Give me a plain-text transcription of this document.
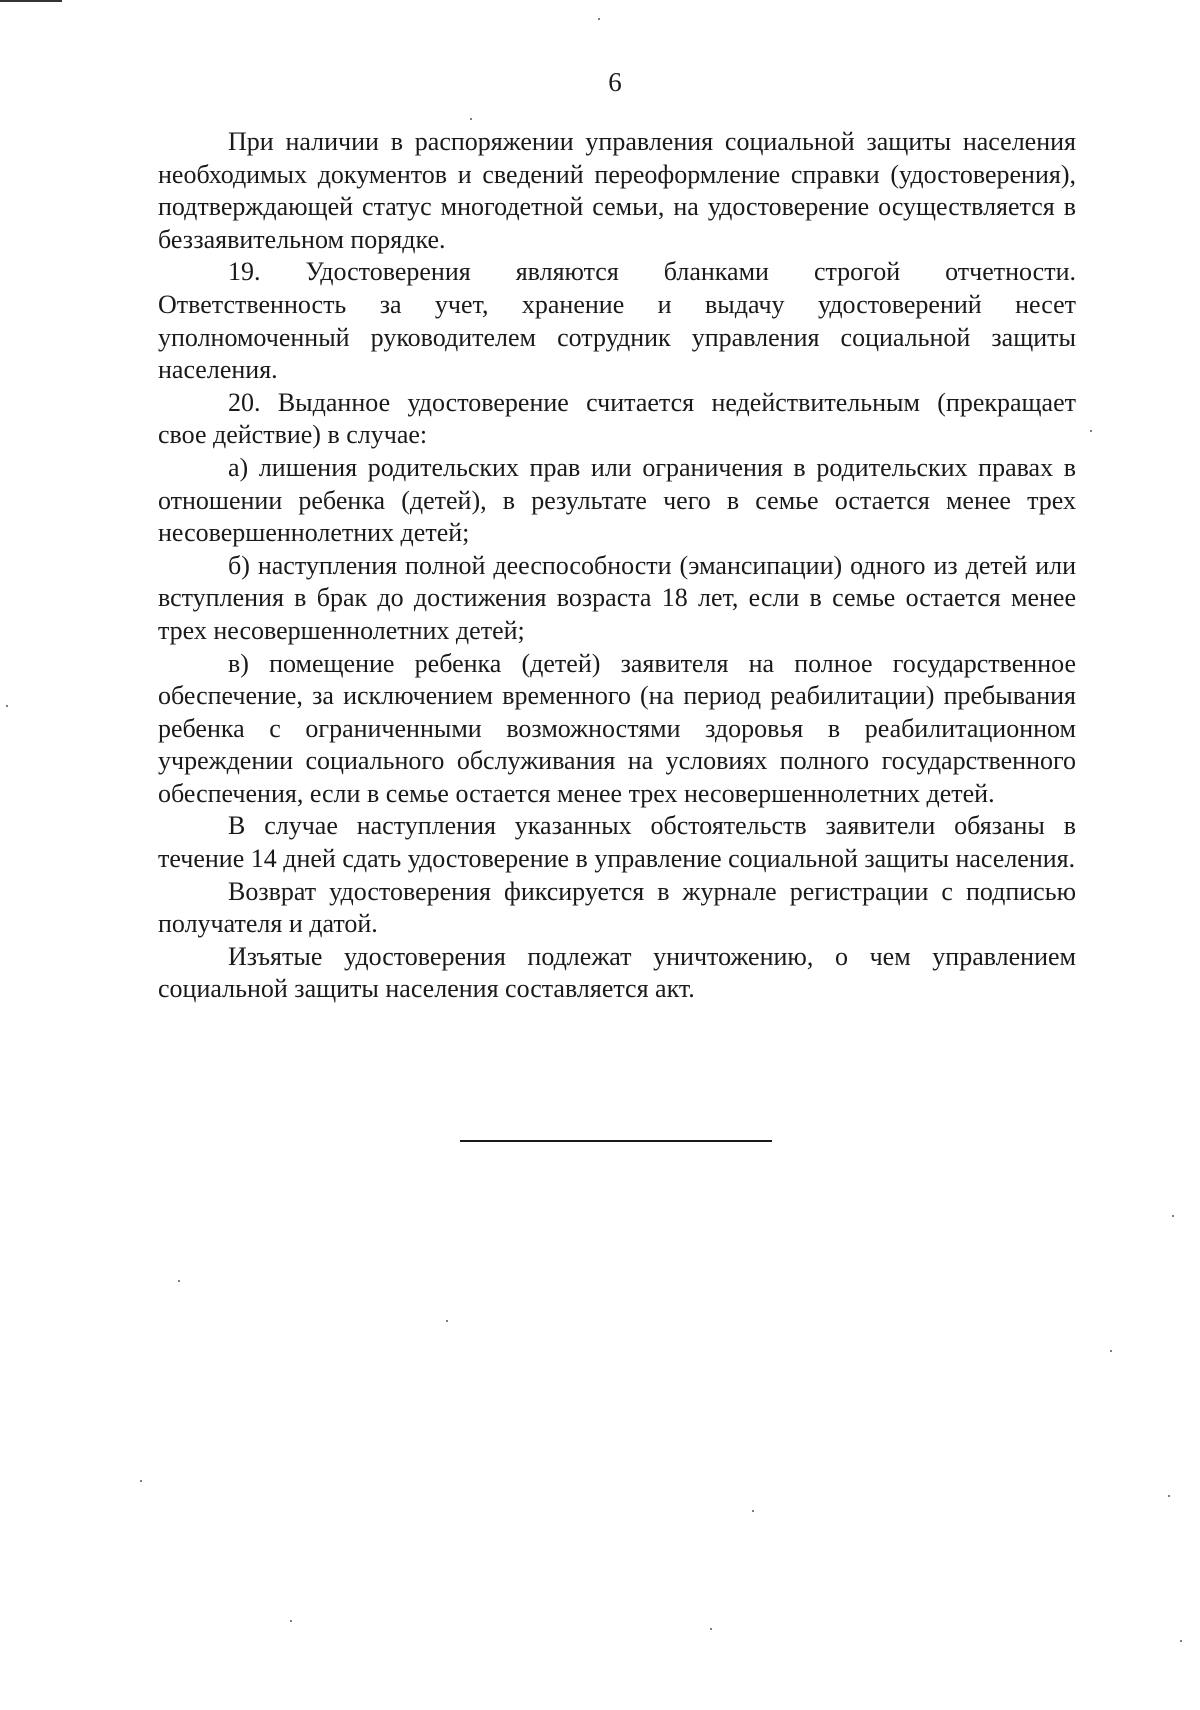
6

При наличии в распоряжении управления социальной защиты населения необходимых документов и сведений переоформление справки (удостоверения), подтверждающей статус многодетной семьи, на удостоверение осуществляется в беззаявительном порядке.

19. Удостоверения являются бланками строгой отчетности. Ответственность за учет, хранение и выдачу удостоверений несет уполномоченный руководителем сотрудник управления социальной защиты населения.

20. Выданное удостоверение считается недействительным (прекращает свое действие) в случае:

а) лишения родительских прав или ограничения в родительских правах в отношении ребенка (детей), в результате чего в семье остается менее трех несовершеннолетних детей;

б) наступления полной дееспособности (эмансипации) одного из детей или вступления в брак до достижения возраста 18 лет, если в семье остается менее трех несовершеннолетних детей;

в) помещение ребенка (детей) заявителя на полное государственное обеспечение, за исключением временного (на период реабилитации) пребывания ребенка с ограниченными возможностями здоровья в реабилитационном учреждении социального обслуживания на условиях полного государственного обеспечения, если в семье остается менее трех несовершеннолетних детей.

В случае наступления указанных обстоятельств заявители обязаны в течение 14 дней сдать удостоверение в управление социальной защиты населения.

Возврат удостоверения фиксируется в журнале регистрации с подписью получателя и датой.

Изъятые удостоверения подлежат уничтожению, о чем управлением социальной защиты населения составляется акт.
